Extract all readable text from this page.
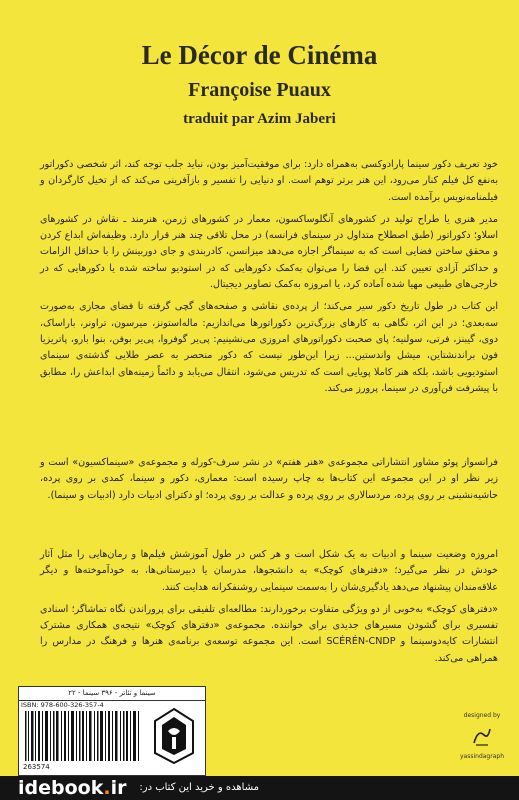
Le Décor de Cinéma
Françoise Puaux
traduit par Azim Jaberi

خود تعریف دکور سینما پارادوکسی به‌همراه دارد: برای موفقیت‌آمیز بودن، نباید جلب توجه کند، اثر شخصی دکوراتور به‌نفع کل فیلم کنار می‌رود، این هنر برتر توهم است. او دنیایی را تفسیر و بازآفرینی می‌کند که از تخیل کارگردان و فیلمنامه‌نویس برآمده است.

مدیر هنری یا طراح تولید در کشورهای آنگلوساکسون، معمار در کشورهای ژرمن، هنرمند ـ نقاش در کشورهای اسلاو؛ دکوراتور (طبق اصطلاح متداول در سینمای فرانسه) در محل تلاقی چند هنر قرار دارد. وظیفه‌اش ابداع کردن و محقق ساختن فضایی است که به سینماگر اجازه می‌دهد میزانسن، کادربندی و جای دوربینش را با حداقل الزامات و حداکثر آزادی تعیین کند. این فضا را می‌توان به‌کمک دکورهایی که در استودیو ساخته شده یا دکورهایی که در خارجی‌های طبیعی مهیا شده آماده کرد، یا امروزه به‌کمک تصاویر دیجیتال.

این کتاب در طول تاریخ دکور سیر می‌کند؛ از پرده‌ی نقاشی و صفحه‌های گچی گرفته تا فضای مجازی به‌صورت سه‌بعدی؛ در این اثر، نگاهی به کارهای بزرگ‌ترین دکوراتورها می‌اندازیم: ماله‌استونز، میرسون، تراونر، باراساک، دوی، گیبنز، فرتی، سولنیه؛ پای صحبت دکوراتورهای امروزی می‌نشینیم: پی‌یر گوفروا، پی‌یر بوفن، بنوا بارو، پاتریزیا فون براندنشتاین، میشل واندستین... زیرا این‌طور نیست که دکور منحصر به عصر طلایی گذشته‌ی سینمای استودیویی باشد، بلکه هنر کاملا پویایی است که تدریس می‌شود، انتقال می‌یابد و دائماً زمینه‌های ابداعش را، مطابق با پیشرفت فن‌آوری در سینما، پرورز می‌کند.

فرانسواز پوئو مشاور انتشاراتی مجموعه‌ی «هنر هفتم» در نشر سرف-کورله و مجموعه‌ی «سینماکسیون» است و زیر نظر او در این مجموعه این کتاب‌ها به چاپ رسیده است: معماری، دکور و سینما، کمدی بر روی پرده، حاشیه‌نشینی بر روی پرده، مردسالاری بر روی پرده و عدالت بر روی پرده؛ او دکترای ادبیات دارد (ادبیات و سینما).

امروزه وضعیت سینما و ادبیات به یک شکل است و هر کس در طول آموزشش فیلم‌ها و رمان‌هایی را مثل آثار خودش در نظر می‌گیرد؛ «دفترهای کوچک» به دانشجوها، مدرسان یا دبیرستانی‌ها، به خودآموخته‌ها و دیگر علاقه‌مندان پیشنهاد می‌دهد یادگیری‌شان را به‌سمت سینمایی روشنفکرانه هدایت کنند.

«دفترهای کوچک» به‌خوبی از دو ویژگی متفاوت برخوردارند: مطالعه‌ای تلفیقی برای پروراندن نگاه تماشاگر؛ اسنادی تفسیری برای گشودن مسیرهای جدیدی برای خواننده. مجموعه‌ی «دفترهای کوچک» نتیجه‌ی همکاری مشترک انتشارات کایه‌دوسینما و SCÉRÉN-CNDP است. این مجموعه توسعه‌ی برنامه‌ی هنرها و فرهنگ در مدارس را همراهی می‌کند.

سینما و تئاتر - ۳۹۶ سینما - ۲۲
ISBN: 978-600-326-357-4
263574
designed by
yassindagraph
idebook.ir مشاهده و خرید این کتاب در:
